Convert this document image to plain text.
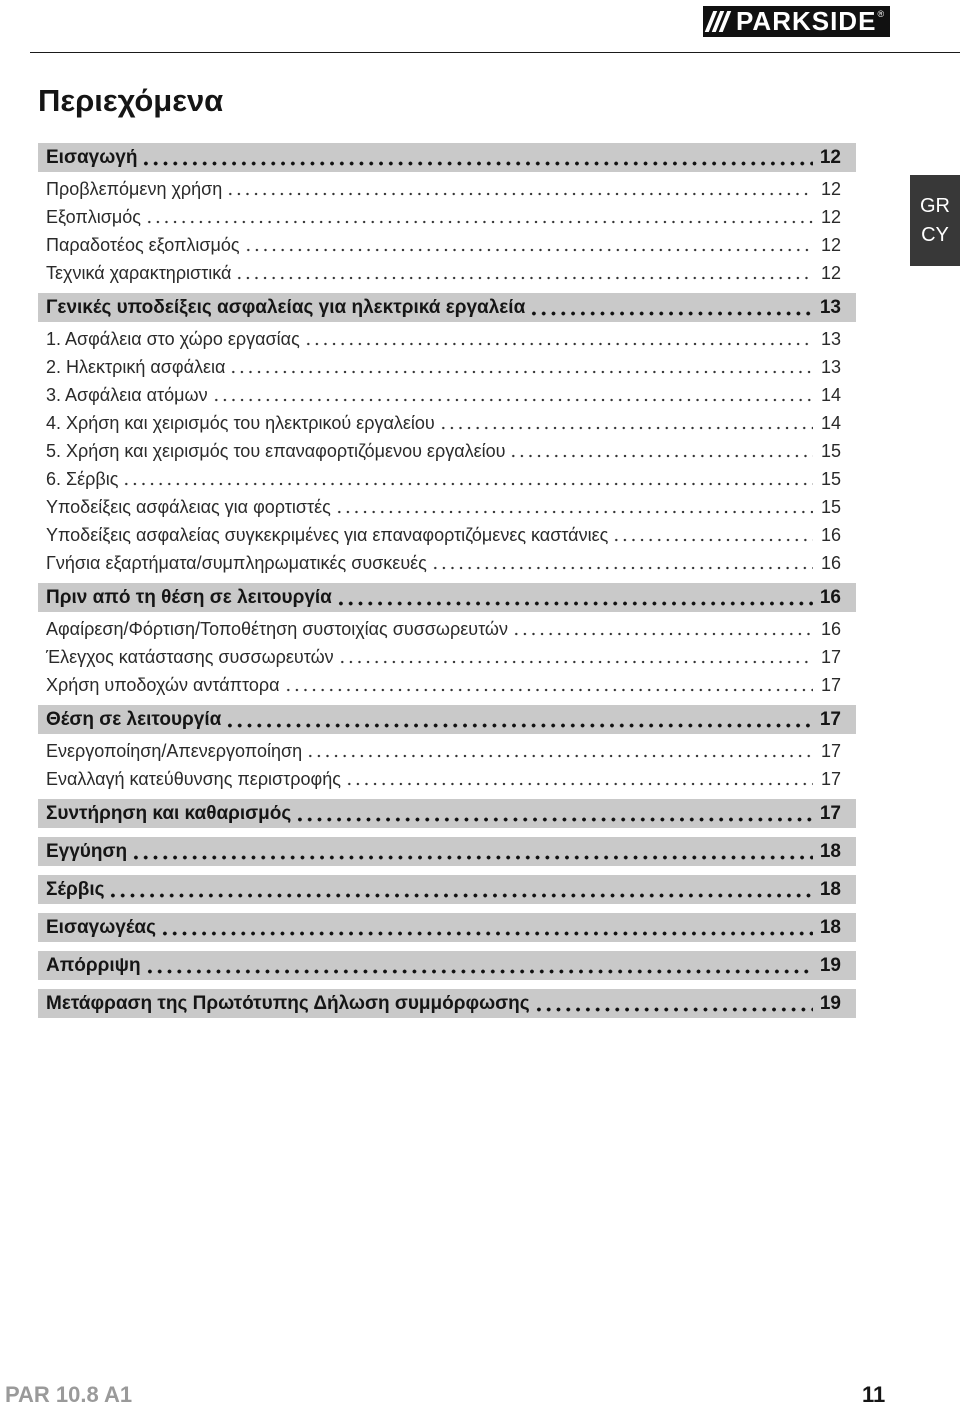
PARKSIDE ®
Περιεχόμενα
Εισαγωγή	12
Προβλεπόμενη χρήση	12
Εξοπλισμός	12
Παραδοτέος εξοπλισμός	12
Τεχνικά χαρακτηριστικά	12
Γενικές υποδείξεις ασφαλείας για ηλεκτρικά εργαλεία	13
1. Ασφάλεια στο χώρο εργασίας	13
2. Ηλεκτρική ασφάλεια	13
3. Ασφάλεια ατόμων	14
4. Χρήση και χειρισμός του ηλεκτρικού εργαλείου	14
5. Χρήση και χειρισμός του επαναφορτιζόμενου εργαλείου	15
6. Σέρβις	15
Υποδείξεις ασφάλειας για φορτιστές	15
Υποδείξεις ασφαλείας συγκεκριμένες για επαναφορτιζόμενες καστάνιες	16
Γνήσια εξαρτήματα/συμπληρωματικές συσκευές	16
Πριν από τη θέση σε λειτουργία	16
Αφαίρεση/Φόρτιση/Τοποθέτηση συστοιχίας συσσωρευτών	16
Έλεγχος κατάστασης συσσωρευτών	17
Χρήση υποδοχών αντάπτορα	17
Θέση σε λειτουργία	17
Ενεργοποίηση/Απενεργοποίηση	17
Εναλλαγή κατεύθυνσης περιστροφής	17
Συντήρηση και καθαρισμός	17
Εγγύηση	18
Σέρβις	18
Εισαγωγέας	18
Απόρριψη	19
Μετάφραση της Πρωτότυπης Δήλωση συμμόρφωσης	19
GR
CY
PAR 10.8 A1	11
